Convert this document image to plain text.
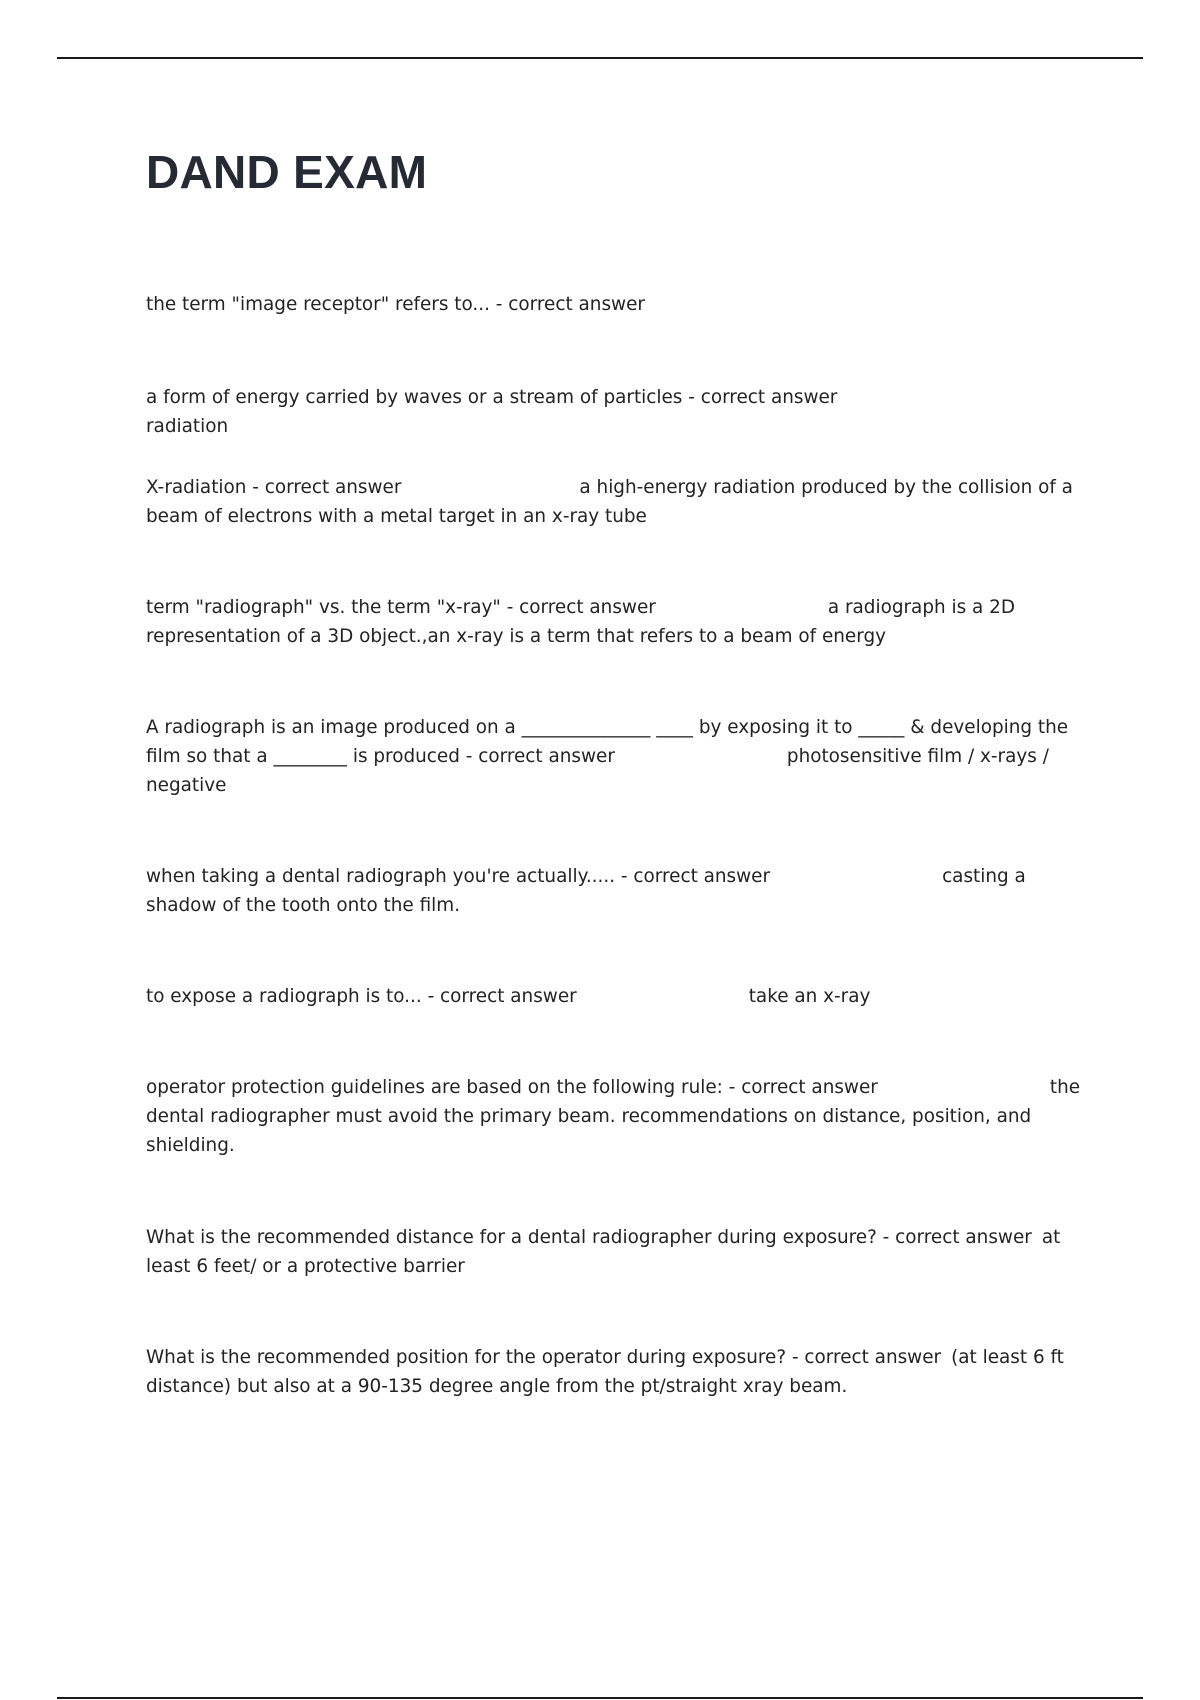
DAND EXAM

the term "image receptor" refers to... - correct answer

a form of energy carried by waves or a stream of particles - correct answerradiation

X-radiation - correct answer	a high-energy radiation produced by the collision of a beam of electrons with a metal target in an x-ray tube

term "radiograph" vs. the term "x-ray" - correct answer	a radiograph is a 2D representation of a 3D object.,an x-ray is a term that refers to a beam of energy

A radiograph is an image produced on a ______________ ____ by exposing it to _____ & developing the film so that a ________ is produced - correct answer	photosensitive film / x-rays / negative

when taking a dental radiograph you're actually..... - correct answer	casting a shadow of the tooth onto the film.

to expose a radiograph is to... - correct answer	take an x-ray

operator protection guidelines are based on the following rule: - correct answer	the dental radiographer must avoid the primary beam. recommendations on distance, position, and shielding.

What is the recommended distance for a dental radiographer during exposure? - correct answer at least 6 feet/ or a protective barrier

What is the recommended position for the operator during exposure? - correct answer (at least 6 ft distance) but also at a 90-135 degree angle from the pt/straight xray beam.
